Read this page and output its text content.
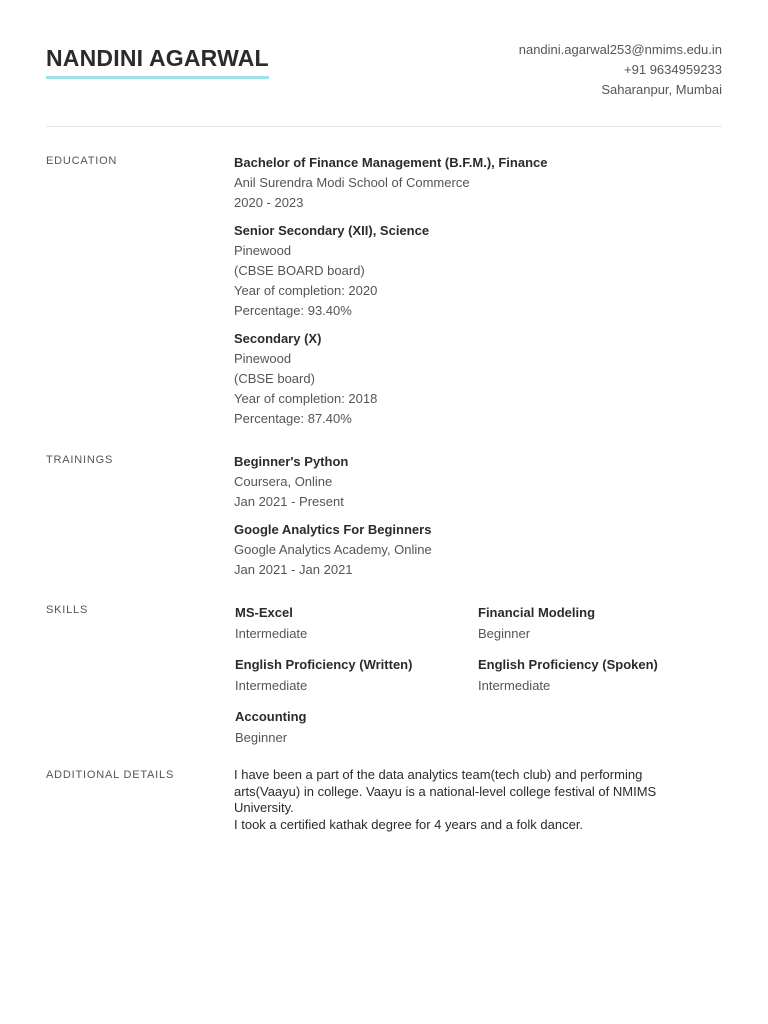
NANDINI AGARWAL	nandini.agarwal253@nmims.edu.in
+91 9634959233
Saharanpur, Mumbai
EDUCATION	Bachelor of Finance Management (B.F.M.), Finance
Anil Surendra Modi School of Commerce
2020 - 2023
Senior Secondary (XII), Science
Pinewood
(CBSE BOARD board)
Year of completion: 2020
Percentage: 93.40%
Secondary (X)
Pinewood
(CBSE board)
Year of completion: 2018
Percentage: 87.40%
TRAININGS	Beginner's Python
Coursera, Online
Jan 2021 - Present
Google Analytics For Beginners
Google Analytics Academy, Online
Jan 2021 - Jan 2021
SKILLS	MS-Excel
Intermediate
Financial Modeling
Beginner
English Proficiency (Written)
Intermediate
English Proficiency (Spoken)
Intermediate
Accounting
Beginner
ADDITIONAL DETAILS	I have been a part of the data analytics team(tech club) and performing arts(Vaayu) in college. Vaayu is a national-level college festival of NMIMS University.
I took a certified kathak degree for 4 years and a folk dancer.
